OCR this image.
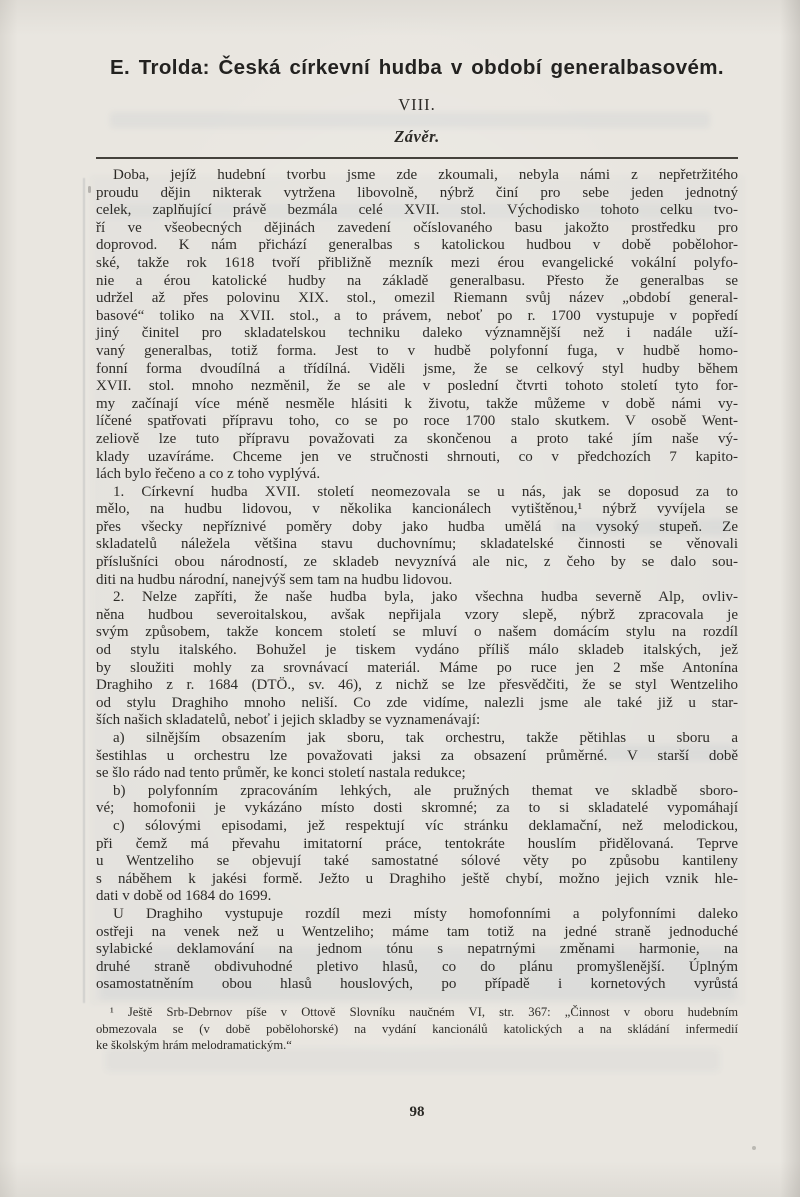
E. Trolda: Česká církevní hudba v období generalbasovém.
VIII.
Závěr.
Doba, jejíž hudební tvorbu jsme zde zkoumali, nebyla námi z nepřetržitého
proudu dějin nikterak vytržena libovolně, nýbrž činí pro sebe jeden jednotný
celek, zaplňující právě bezmála celé XVII. stol. Východisko tohoto celku tvo-
ří ve všeobecných dějinách zavedení očíslovaného basu jakožto prostředku pro
doprovod. K nám přichází generalbas s katolickou hudbou v době pobělohor-
ské, takže rok 1618 tvoří přibližně mezník mezi érou evangelické vokální polyfo-
nie a érou katolické hudby na základě generalbasu. Přesto že generalbas se
udržel až přes polovinu XIX. stol., omezil Riemann svůj název „období general-
basové“ toliko na XVII. stol., a to právem, neboť po r. 1700 vystupuje v popředí
jiný činitel pro skladatelskou techniku daleko významnější než i nadále uží-
vaný generalbas, totiž forma. Jest to v hudbě polyfonní fuga, v hudbě homo-
fonní forma dvoudílná a třídílná. Viděli jsme, že se celkový styl hudby během
XVII. stol. mnoho nezměnil, že se ale v poslední čtvrti tohoto století tyto for-
my začínají více méně nesměle hlásiti k životu, takže můžeme v době námi vy-
líčené spatřovati přípravu toho, co se po roce 1700 stalo skutkem. V osobě Went-
zeliově lze tuto přípravu považovati za skončenou a proto také jím naše vý-
klady uzavíráme. Chceme jen ve stručnosti shrnouti, co v předchozích 7 kapito-
lách bylo řečeno a co z toho vyplývá.
1. Církevní hudba XVII. století neomezovala se u nás, jak se doposud za to
mělo, na hudbu lidovou, v několika kancionálech vytištěnou,¹ nýbrž vyvíjela se
přes všecky nepříznivé poměry doby jako hudba umělá na vysoký stupeň. Ze
skladatelů náležela většina stavu duchovnímu; skladatelské činnosti se věnovali
příslušníci obou národností, ze skladeb nevyznívá ale nic, z čeho by se dalo sou-
diti na hudbu národní, nanejvýš sem tam na hudbu lidovou.
2. Nelze zapříti, že naše hudba byla, jako všechna hudba severně Alp, ovliv-
něna hudbou severoitalskou, avšak nepřijala vzory slepě, nýbrž zpracovala je
svým způsobem, takže koncem století se mluví o našem domácím stylu na rozdíl
od stylu italského. Bohužel je tiskem vydáno příliš málo skladeb italských, jež
by sloužiti mohly za srovnávací materiál. Máme po ruce jen 2 mše Antonína
Draghiho z r. 1684 (DTÖ., sv. 46), z nichž se lze přesvědčiti, že se styl Wentzeliho
od stylu Draghiho mnoho neliší. Co zde vidíme, nalezli jsme ale také již u star-
ších našich skladatelů, neboť i jejich skladby se vyznamenávají:
a) silnějším obsazením jak sboru, tak orchestru, takže pětihlas u sboru a
šestihlas u orchestru lze považovati jaksi za obsazení průměrné. V starší době
se šlo rádo nad tento průměr, ke konci století nastala redukce;
b) polyfonním zpracováním lehkých, ale pružných themat ve skladbě sboro-
vé; homofonii je vykázáno místo dosti skromné; za to si skladatelé vypomáhají
c) sólovými episodami, jež respektují víc stránku deklamační, než melodickou,
při čemž má převahu imitatorní práce, tentokráte houslím přidělovaná. Teprve
u Wentzeliho se objevují také samostatné sólové věty po způsobu kantileny
s náběhem k jakési formě. Ježto u Draghiho ještě chybí, možno jejich vznik hle-
dati v době od 1684 do 1699.
U Draghiho vystupuje rozdíl mezi místy homofonními a polyfonními daleko
ostřeji na venek než u Wentzeliho; máme tam totiž na jedné straně jednoduché
sylabické deklamování na jednom tónu s nepatrnými změnami harmonie, na
druhé straně obdivuhodné pletivo hlasů, co do plánu promyšlenější. Úplným
osamostatněním obou hlasů houslových, po případě i kornetových vyrůstá
¹ Ještě Srb-Debrnov píše v Ottově Slovníku naučném VI, str. 367: „Činnost v oboru hudebním
obmezovala se (v době pobělohorské) na vydání kancionálů katolických a na skládání infermedií
ke školským hrám melodramatickým.“
98
